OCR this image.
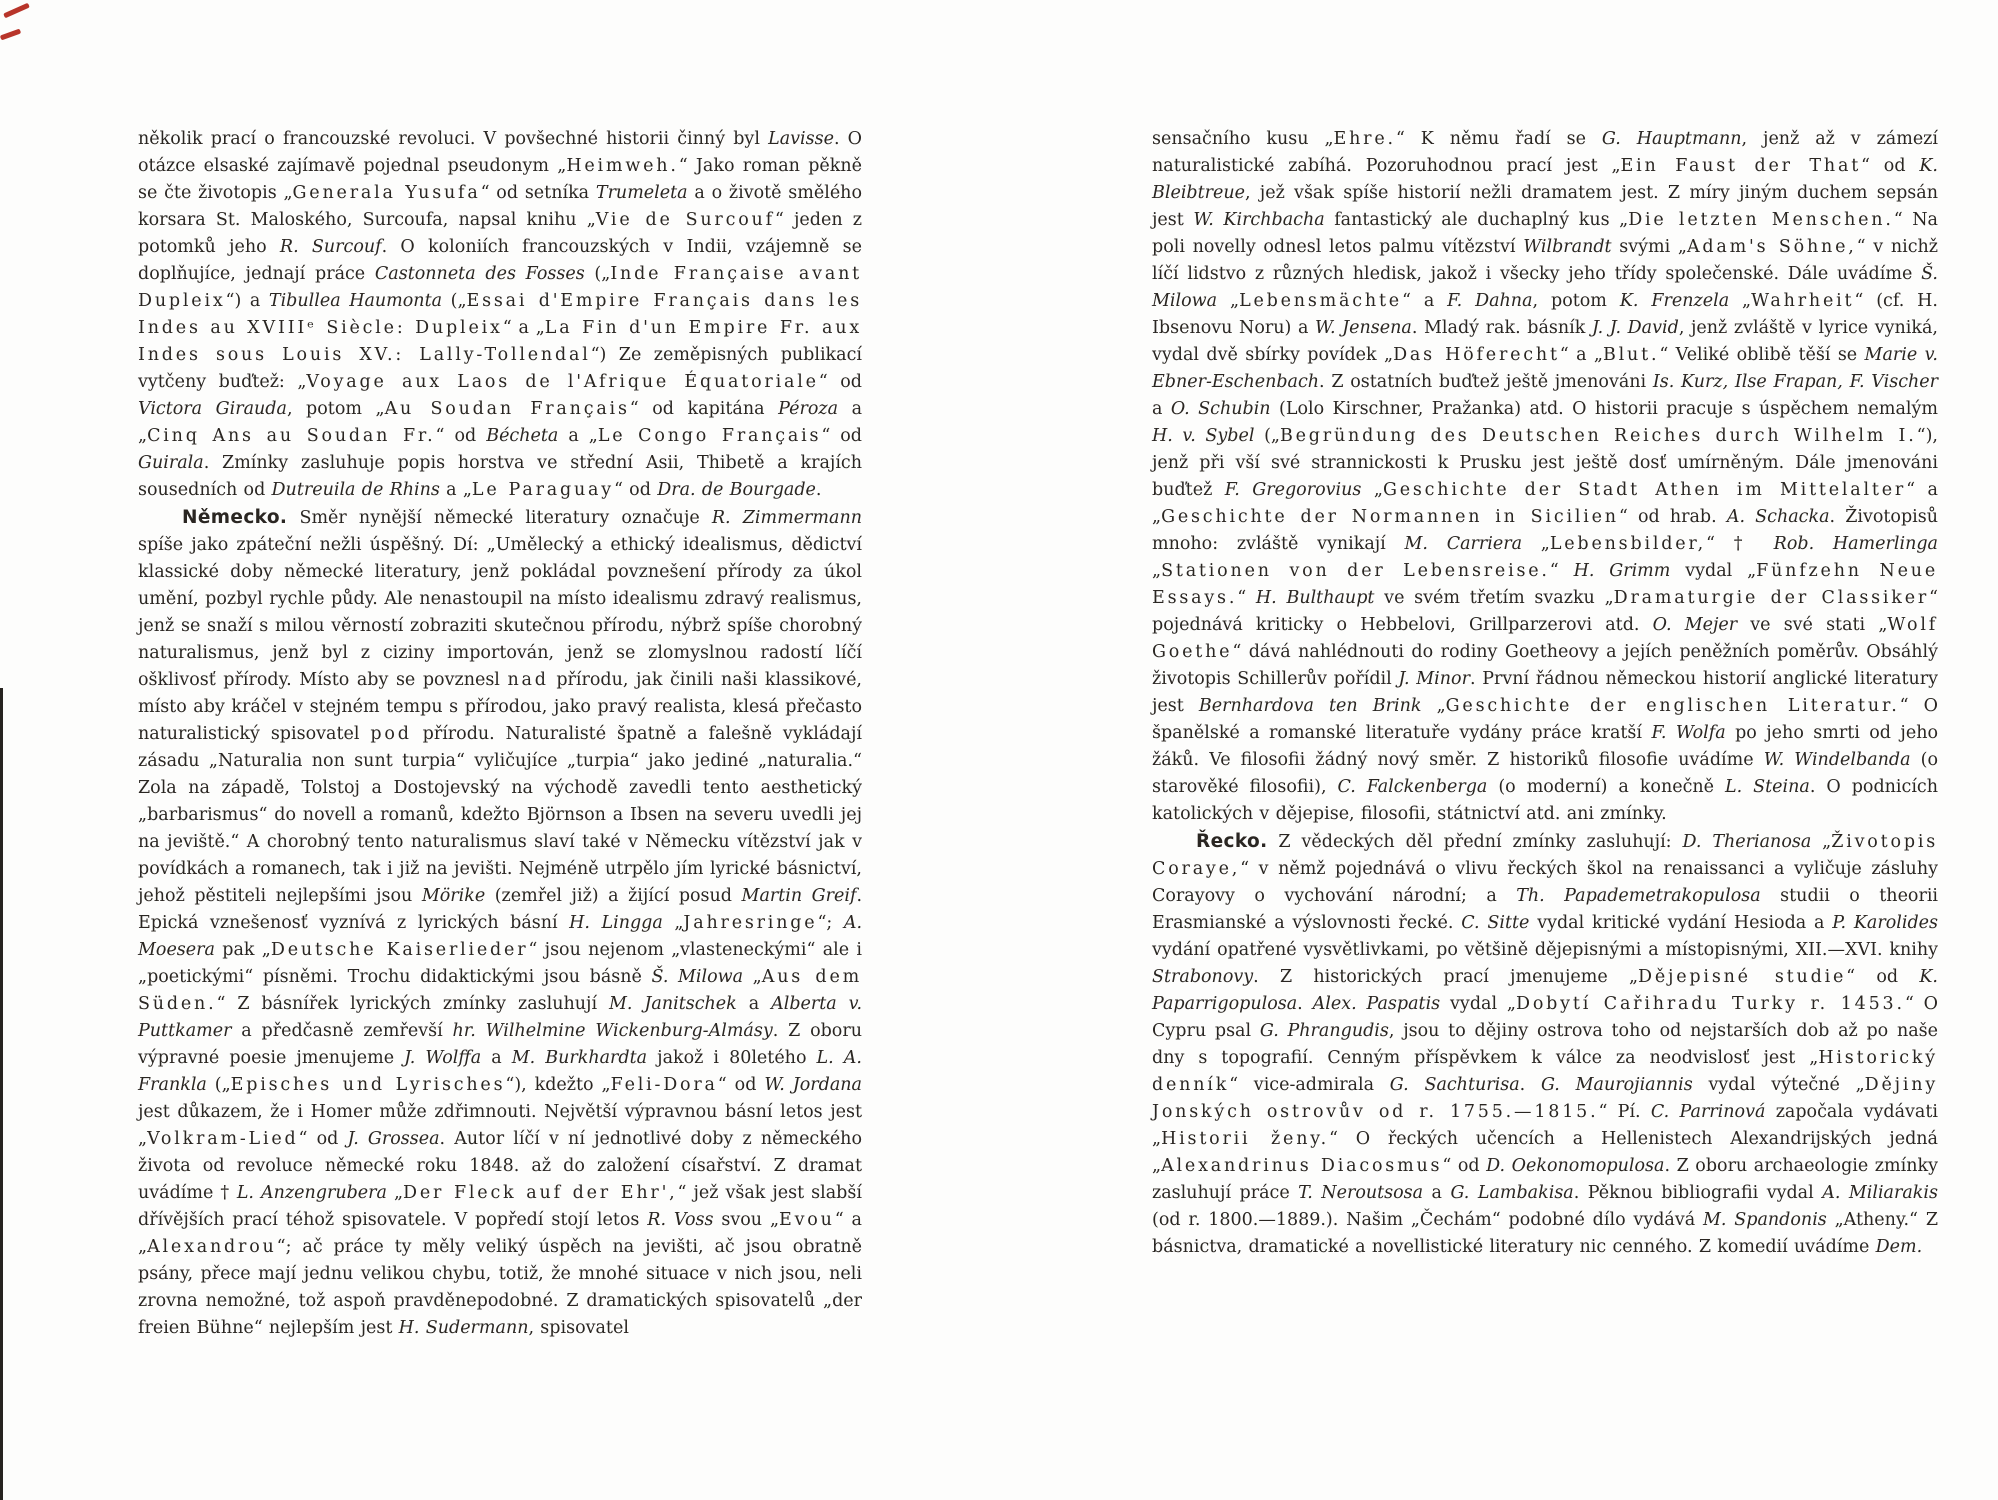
několik prací o francouzské revoluci. V povšechné historii činný byl Lavisse. O otázce elsaské zajímavě pojednal pseudonym „Heimweh.“ Jako roman pěkně se čte životopis „Generala Yusufa“ od setníka Trumeleta a o životě smělého korsara St. Maloského, Surcoufa, napsal knihu „Vie de Surcouf“ jeden z potomků jeho R. Surcouf. O koloniích francouzských v Indii, vzájemně se doplňujíce, jednají práce Castonneta des Fosses („Inde Française avant Dupleix“) a Tibullea Haumonta („Essai d'Empire Français dans les Indes au XVIIIᵉ Siècle: Dupleix“ a „La Fin d'un Empire Fr. aux Indes sous Louis XV.: Lally-Tollendal“) Ze zeměpisných publikací vytčeny buďtež: „Voyage aux Laos de l'Afrique Équatoriale“ od Victora Girauda, potom „Au Soudan Français“ od kapitána Péroza a „Cinq Ans au Soudan Fr.“ od Bécheta a „Le Congo Français“ od Guirala. Zmínky zasluhuje popis horstva ve střední Asii, Thibetě a krajích sousedních od Dutreuila de Rhins a „Le Paraguay“ od Dra. de Bourgade.

Německo. Směr nynější německé literatury označuje R. Zimmermann spíše jako zpáteční nežli úspěšný. Dí: „Umělecký a ethický idealismus, dědictví klassické doby německé literatury, jenž pokládal povznešení přírody za úkol umění, pozbyl rychle půdy. Ale nenastoupil na místo idealismu zdravý realismus, jenž se snaží s milou věrností zobraziti skutečnou přírodu, nýbrž spíše chorobný naturalismus, jenž byl z ciziny importován, jenž se zlomyslnou radostí líčí ošklivosť přírody. Místo aby se povznesl nad přírodu, jak činili naši klassikové, místo aby kráčel v stejném tempu s přírodou, jako pravý realista, klesá přečasto naturalistický spisovatel pod přírodu. Naturalisté špatně a falešně vykládají zásadu „Naturalia non sunt turpia“ vyličujíce „turpia“ jako jediné „naturalia.“ Zola na západě, Tolstoj a Dostojevský na východě zavedli tento aesthetický „barbarismus“ do novell a romanů, kdežto Björnson a Ibsen na severu uvedli jej na jeviště.“ A chorobný tento naturalismus slaví také v Německu vítězství jak v povídkách a romanech, tak i již na jevišti. Nejméně utrpělo jím lyrické básnictví, jehož pěstiteli nejlepšími jsou Mörike (zemřel již) a žijící posud Martin Greif. Epická vznešenosť vyznívá z lyrických básní H. Lingga „Jahresringe“; A. Moesera pak „Deutsche Kaiserlieder“ jsou nejenom „vlasteneckými“ ale i „poetickými“ písněmi. Trochu didaktickými jsou básně Š. Milowa „Aus dem Süden.“ Z básnířek lyrických zmínky zasluhují M. Janitschek a Alberta v. Puttkamer a předčasně zemřevší hr. Wilhelmine Wickenburg-Almásy. Z oboru výpravné poesie jmenujeme J. Wolffa a M. Burkhardta jakož i 80letého L. A. Frankla („Episches und Lyrisches“), kdežto „Feli-Dora“ od W. Jordana jest důkazem, že i Homer může zdřimnouti. Největší výpravnou básní letos jest „Volkram-Lied“ od J. Grossea. Autor líčí v ní jednotlivé doby z německého života od revoluce německé roku 1848. až do založení císařství. Z dramat uvádíme † L. Anzengrubera „Der Fleck auf der Ehr',“ jež však jest slabší dřívějších prací téhož spisovatele. V popředí stojí letos R. Voss svou „Evou“ a „Alexandrou“; ač práce ty měly veliký úspěch na jevišti, ač jsou obratně psány, přece mají jednu velikou chybu, totiž, že mnohé situace v nich jsou, neli zrovna nemožné, tož aspoň pravděnepodobné. Z dramatických spisovatelů „der freien Bühne“ nejlepším jest H. Sudermann, spisovatel

sensačního kusu „Ehre.“ K němu řadí se G. Hauptmann, jenž až v zámezí naturalistické zabíhá. Pozoruhodnou prací jest „Ein Faust der That“ od K. Bleibtreue, jež však spíše historií nežli dramatem jest. Z míry jiným duchem sepsán jest W. Kirchbacha fantastický ale duchaplný kus „Die letzten Menschen.“ Na poli novelly odnesl letos palmu vítězství Wilbrandt svými „Adam's Söhne,“ v nichž líčí lidstvo z různých hledisk, jakož i všecky jeho třídy společenské. Dále uvádíme Š. Milowa „Lebensmächte“ a F. Dahna, potom K. Frenzela „Wahrheit“ (cf. H. Ibsenovu Noru) a W. Jensena. Mladý rak. básník J. J. David, jenž zvláště v lyrice vyniká, vydal dvě sbírky povídek „Das Höferecht“ a „Blut.“ Veliké oblibě těší se Marie v. Ebner-Eschenbach. Z ostatních buďtež ještě jmenováni Is. Kurz, Ilse Frapan, F. Vischer a O. Schubin (Lolo Kirschner, Pražanka) atd. O historii pracuje s úspěchem nemalým H. v. Sybel („Begründung des Deutschen Reiches durch Wilhelm I.“), jenž při vší své strannickosti k Prusku jest ještě dosť umírněným. Dále jmenováni buďtež F. Gregorovius „Geschichte der Stadt Athen im Mittelalter“ a „Geschichte der Normannen in Sicilien“ od hrab. A. Schacka. Životopisů mnoho: zvláště vynikají M. Carriera „Lebensbilder,“ † Rob. Hamerlinga „Stationen von der Lebensreise.“ H. Grimm vydal „Fünfzehn Neue Essays.“ H. Bulthaupt ve svém třetím svazku „Dramaturgie der Classiker“ pojednává kriticky o Hebbelovi, Grillparzerovi atd. O. Mejer ve své stati „Wolf Goethe“ dává nahlédnouti do rodiny Goetheovy a jejích peněžních poměrův. Obsáhlý životopis Schillerův pořídil J. Minor. První řádnou německou historií anglické literatury jest Bernhardova ten Brink „Geschichte der englischen Literatur.“ O španělské a romanské literatuře vydány práce kratší F. Wolfa po jeho smrti od jeho žáků. Ve filosofii žádný nový směr. Z historiků filosofie uvádíme W. Windelbanda (o starověké filosofii), C. Falckenberga (o moderní) a konečně L. Steina. O podnicích katolických v dějepise, filosofii, státnictví atd. ani zmínky.

Řecko. Z vědeckých děl přední zmínky zasluhují: D. Therianosa „Životopis Coraye,“ v němž pojednává o vlivu řeckých škol na renaissanci a vyličuje zásluhy Corayovy o vychování národní; a Th. Papademetrakopulosa studii o theorii Erasmianské a výslovnosti řecké. C. Sitte vydal kritické vydání Hesioda a P. Karolides vydání opatřené vysvětlivkami, po většině dějepisnými a místopisnými, XII.—XVI. knihy Strabonovy. Z historických prací jmenujeme „Dějepisné studie“ od K. Paparrigopulosa. Alex. Paspatis vydal „Dobytí Cařihradu Turky r. 1453.“ O Cypru psal G. Phrangudis, jsou to dějiny ostrova toho od nejstarších dob až po naše dny s topografií. Cenným příspěvkem k válce za neodvislosť jest „Historický denník“ vice-admirala G. Sachturisa. G. Maurojiannis vydal výtečné „Dějiny Jonských ostrovův od r. 1755.—1815.“ Pí. C. Parrinová započala vydávati „Historii ženy.“ O řeckých učencích a Hellenistech Alexandrijských jedná „Alexandrinus Diacosmus“ od D. Oekonomopulosa. Z oboru archaeologie zmínky zasluhují práce T. Neroutsosa a G. Lambakisa. Pěknou bibliografii vydal A. Miliarakis (od r. 1800.—1889.). Našim „Čechám“ podobné dílo vydává M. Spandonis „Atheny.“ Z básnictva, dramatické a novellistické literatury nic cenného. Z komedií uvádíme Dem.
